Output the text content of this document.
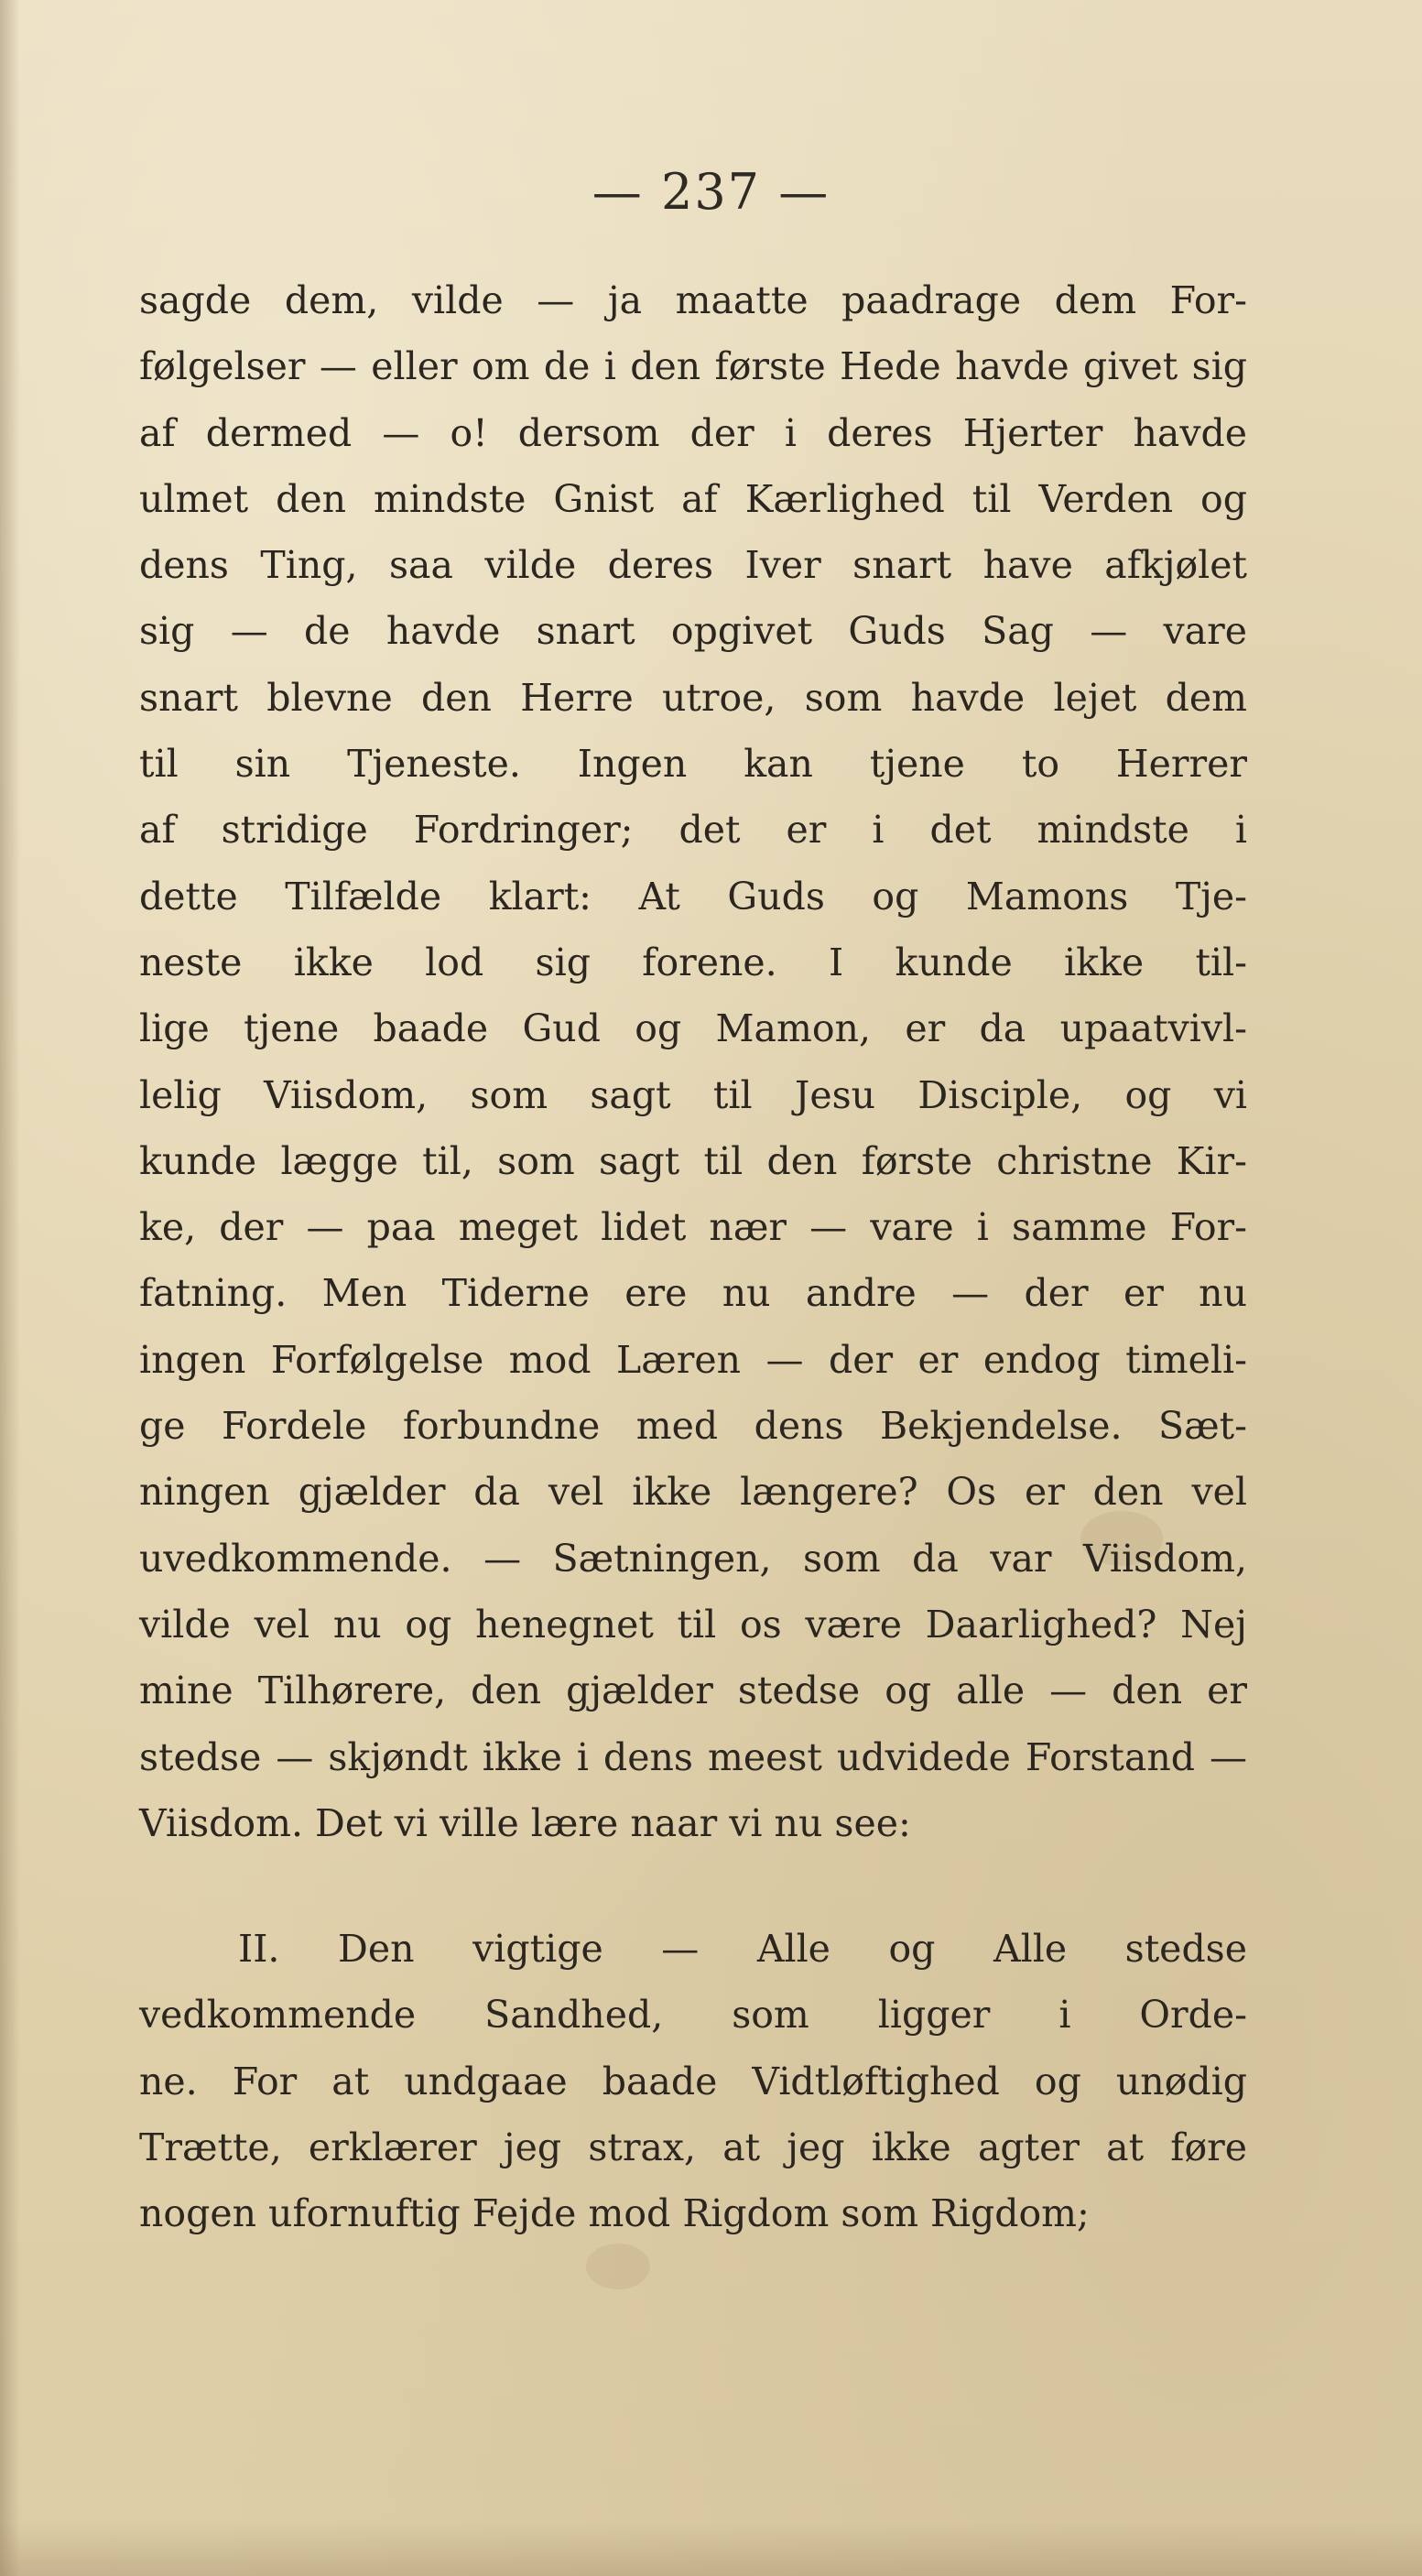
— 237 —
sagde dem, vilde — ja maatte paadrage dem For-
følgelser — eller om de i den første Hede havde givet sig
af dermed — o! dersom der i deres Hjerter havde
ulmet den mindste Gnist af Kærlighed til Verden og
dens Ting, saa vilde deres Iver snart have afkjølet
sig — de havde snart opgivet Guds Sag — vare
snart blevne den Herre utroe, som havde lejet dem
til sin Tjeneste. Ingen kan tjene to Herrer
af stridige Fordringer; det er i det mindste i
dette Tilfælde klart: At Guds og Mamons Tje-
neste ikke lod sig forene. I kunde ikke til-
lige tjene baade Gud og Mamon, er da upaatvivl-
lelig Viisdom, som sagt til Jesu Disciple, og vi
kunde lægge til, som sagt til den første christne Kir-
ke, der — paa meget lidet nær — vare i samme For-
fatning. Men Tiderne ere nu andre — der er nu
ingen Forfølgelse mod Læren — der er endog timeli-
ge Fordele forbundne med dens Bekjendelse. Sæt-
ningen gjælder da vel ikke længere? Os er den vel
uvedkommende. — Sætningen, som da var Viisdom,
vilde vel nu og henegnet til os være Daarlighed? Nej
mine Tilhørere, den gjælder stedse og alle — den er
stedse — skjøndt ikke i dens meest udvidede Forstand —
Viisdom. Det vi ville lære naar vi nu see:
II. Den vigtige — Alle og Alle stedse
vedkommende Sandhed, som ligger i Orde-
ne. For at undgaae baade Vidtløftighed og unødig
Trætte, erklærer jeg strax, at jeg ikke agter at føre
nogen ufornuftig Fejde mod Rigdom som Rigdom;
